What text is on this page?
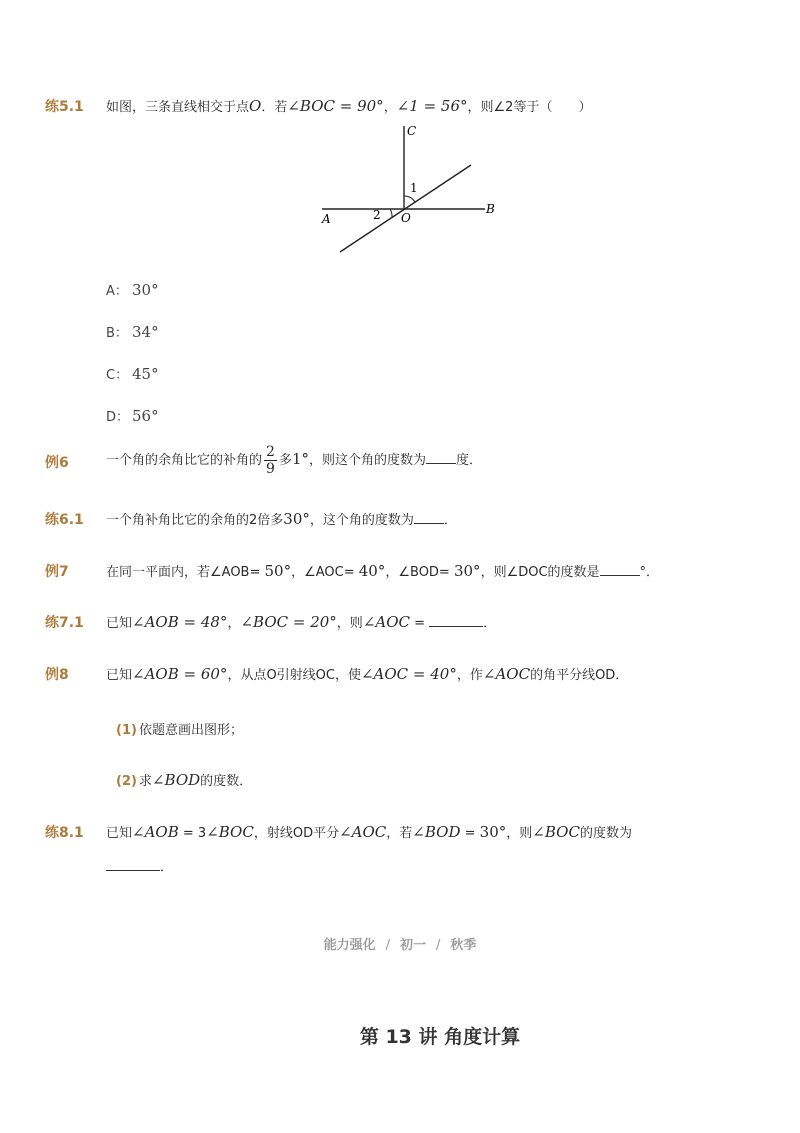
练5.1 如图，三条直线相交于点O．若∠BOC = 90°，∠1 = 56°，则∠2等于（　　）
C
A
B
O
1
2
A： 30°
B： 34°
C： 45°
D： 56°
例6	一个角的余角比它的补角的 $\frac{2}{9}$ 多1°，则这个角的度数为 度．
练6.1 一个角补角比它的余角的2倍多30°，这个角的度数为 ．
例7	在同一平面内，若∠AOB= 50°，∠AOC= 40°，∠BOD= 30°，则∠DOC的度数是	°．
练7.1 已知∠AOB = 48°，∠BOC = 20°，则∠AOC =	．
例8	已知∠AOB = 60°，从点O引射线OC，使∠AOC = 40°，作∠AOC的角平分线OD．
(1) 依题意画出图形；
(2) 求∠BOD的度数．
练8.1 已知∠AOB = 3∠BOC，射线OD平分∠AOC，若∠BOD = 30°，则∠BOC的度数为
．
能力强化 / 初一 / 秋季
第 13 讲 角度计算
